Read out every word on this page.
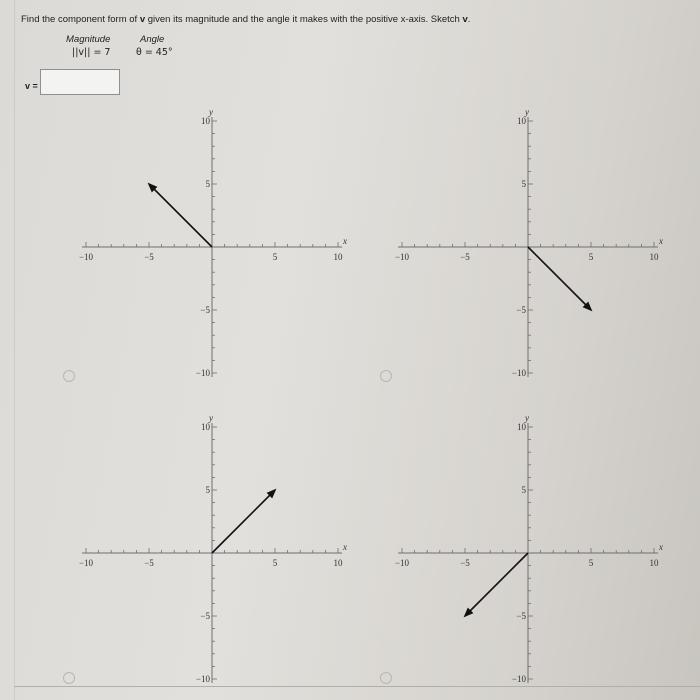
Find the component form of v given its magnitude and the angle it makes with the positive x-axis. Sketch v.
Magnitude	Angle
||v|| = 7	θ = 45°
v =
−10	−5	5	10
10
5
−5
−10
x
y
−10	−5	5	10
10
5
−5
−10
x
y
−10	−5	5	10
10
5
−5
−10
x
y
−10	−5	5	10
10
5
−5
−10
x
y
